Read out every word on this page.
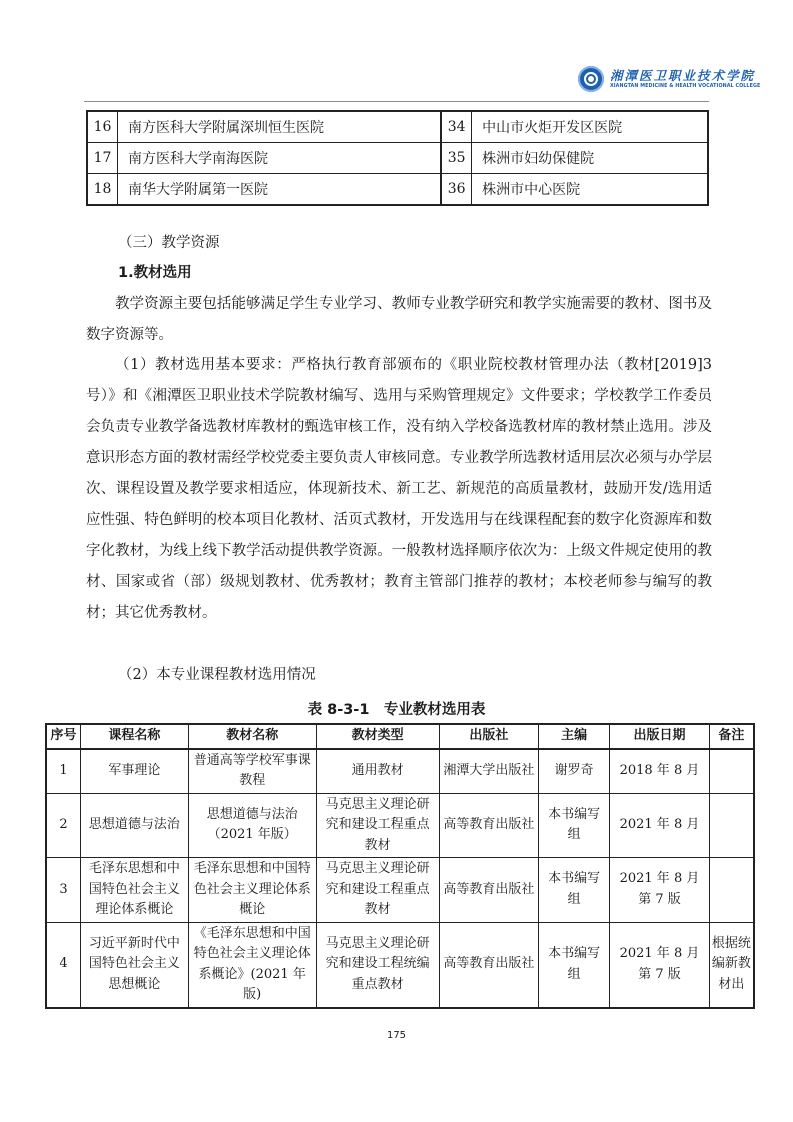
湘潭医卫职业技术学院
XIANGTAN MEDICINE & HEALTH VOCATIONAL COLLEGE
16	南方医科大学附属深圳恒生医院	34	中山市火炬开发区医院
17	南方医科大学南海医院	35	株洲市妇幼保健院
18	南华大学附属第一医院	36	株洲市中心医院
（三）教学资源
1.教材选用
教学资源主要包括能够满足学生专业学习、教师专业教学研究和教学实施需要的教材、图书及数字资源等。
（1）教材选用基本要求：严格执行教育部颁布的《职业院校教材管理办法（教材[2019]3 号）》和《湘潭医卫职业技术学院教材编写、选用与采购管理规定》文件要求；学校教学工作委员会负责专业教学备选教材库教材的甄选审核工作，没有纳入学校备选教材库的教材禁止选用。涉及意识形态方面的教材需经学校党委主要负责人审核同意。专业教学所选教材适用层次必须与办学层次、课程设置及教学要求相适应，体现新技术、新工艺、新规范的高质量教材，鼓励开发/选用适应性强、特色鲜明的校本项目化教材、活页式教材，开发选用与在线课程配套的数字化资源库和数字化教材，为线上线下教学活动提供教学资源。一般教材选择顺序依次为：上级文件规定使用的教材、国家或省（部）级规划教材、优秀教材；教育主管部门推荐的教材；本校老师参与编写的教材；其它优秀教材。
（2）本专业课程教材选用情况
表 8-3-1　专业教材选用表
序号	课程名称	教材名称	教材类型	出版社	主编	出版日期	备注
1	军事理论	普通高等学校军事课教程	通用教材	湘潭大学出版社	谢罗奇	2018 年 8 月	
2	思想道德与法治	思想道德与法治（2021 年版）	马克思主义理论研究和建设工程重点教材	高等教育出版社	本书编写组	2021 年 8 月	
3	毛泽东思想和中国特色社会主义理论体系概论	毛泽东思想和中国特色社会主义理论体系概论	马克思主义理论研究和建设工程重点教材	高等教育出版社	本书编写组	2021 年 8 月第 7 版	
4	习近平新时代中国特色社会主义思想概论	《毛泽东思想和中国特色社会主义理论体系概论》(2021 年版)	马克思主义理论研究和建设工程统编重点教材	高等教育出版社	本书编写组	2021 年 8 月第 7 版	根据统编新教材出
175
